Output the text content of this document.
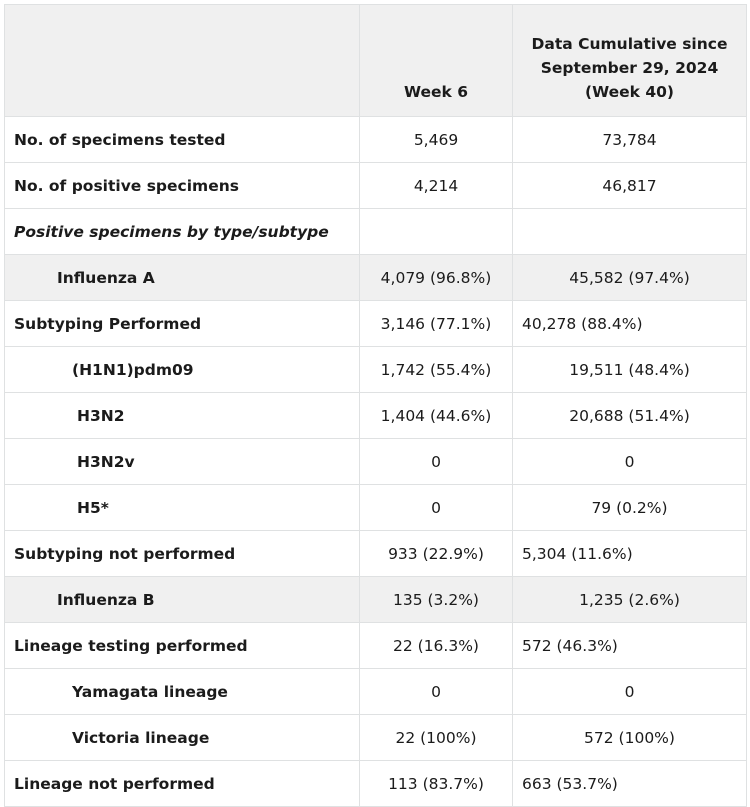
	Week 6	Data Cumulative since
September 29, 2024
(Week 40)
No. of specimens tested	5,469	73,784
No. of positive specimens	4,214	46,817
Positive specimens by type/subtype		
Influenza A	4,079 (96.8%)	45,582 (97.4%)
Subtyping Performed	3,146 (77.1%)	40,278 (88.4%)
(H1N1)pdm09	1,742 (55.4%)	19,511 (48.4%)
H3N2	1,404 (44.6%)	20,688 (51.4%)
H3N2v	0	0
H5*	0	79 (0.2%)
Subtyping not performed	933 (22.9%)	5,304 (11.6%)
Influenza B	135 (3.2%)	1,235 (2.6%)
Lineage testing performed	22 (16.3%)	572 (46.3%)
Yamagata lineage	0	0
Victoria lineage	22 (100%)	572 (100%)
Lineage not performed	113 (83.7%)	663 (53.7%)
